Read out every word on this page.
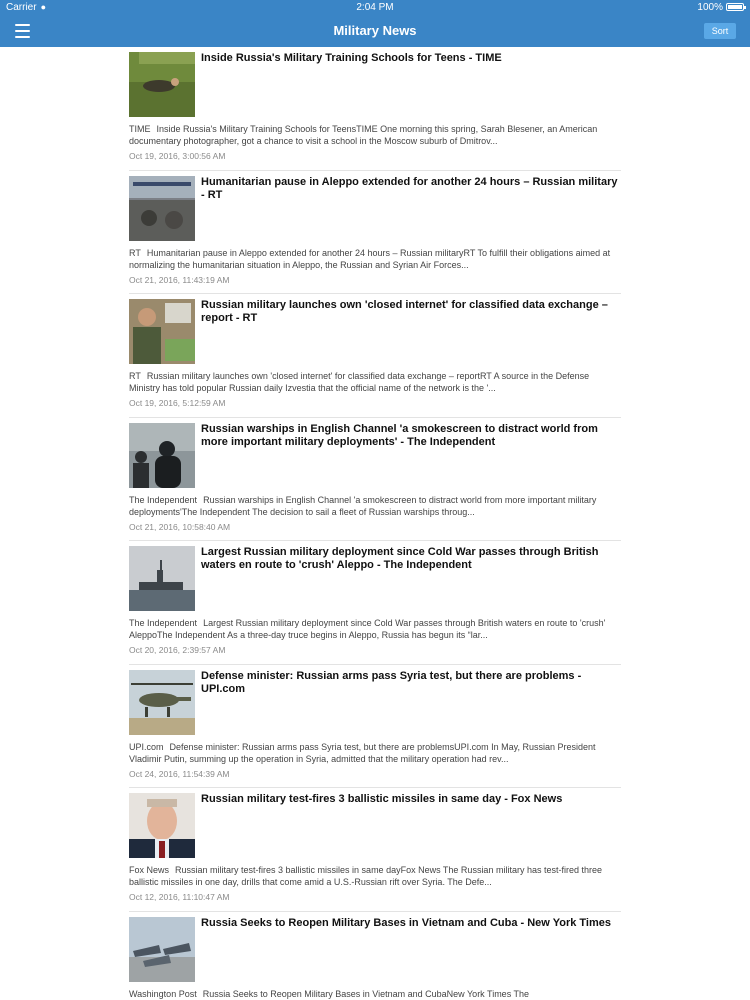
Carrier ●	2:04 PM	100%
Military News	Sort
Inside Russia's Military Training Schools for Teens - TIME
TIME Inside Russia's Military Training Schools for TeensTIME One morning this spring, Sarah Blesener, an American documentary photographer, got a chance to visit a school in the Moscow suburb of Dmitrov...
Oct 19, 2016, 3:00:56 AM
Humanitarian pause in Aleppo extended for another 24 hours – Russian military - RT
RT Humanitarian pause in Aleppo extended for another 24 hours – Russian militaryRT To fulfill their obligations aimed at normalizing the humanitarian situation in Aleppo, the Russian and Syrian Air Forces...
Oct 21, 2016, 11:43:19 AM
Russian military launches own 'closed internet' for classified data exchange – report - RT
RT Russian military launches own 'closed internet' for classified data exchange – reportRT A source in the Defense Ministry has told popular Russian daily Izvestia that the official name of the network is the '...
Oct 19, 2016, 5:12:59 AM
Russian warships in English Channel 'a smokescreen to distract world from more important military deployments' - The Independent
The Independent Russian warships in English Channel 'a smokescreen to distract world from more important military deployments'The Independent The decision to sail a fleet of Russian warships throug...
Oct 21, 2016, 10:58:40 AM
Largest Russian military deployment since Cold War passes through British waters en route to 'crush' Aleppo - The Independent
The Independent Largest Russian military deployment since Cold War passes through British waters en route to 'crush' AleppoThe Independent As a three-day truce begins in Aleppo, Russia has begun its “lar...
Oct 20, 2016, 2:39:57 AM
Defense minister: Russian arms pass Syria test, but there are problems - UPI.com
UPI.com Defense minister: Russian arms pass Syria test, but there are problemsUPI.com In May, Russian President Vladimir Putin, summing up the operation in Syria, admitted that the military operation had rev...
Oct 24, 2016, 11:54:39 AM
Russian military test-fires 3 ballistic missiles in same day - Fox News
Fox News Russian military test-fires 3 ballistic missiles in same dayFox News The Russian military has test-fired three ballistic missiles in one day, drills that come amid a U.S.-Russian rift over Syria. The Defe...
Oct 12, 2016, 11:10:47 AM
Russia Seeks to Reopen Military Bases in Vietnam and Cuba - New York Times
Washington Post Russia Seeks to Reopen Military Bases in Vietnam and CubaNew York Times The
